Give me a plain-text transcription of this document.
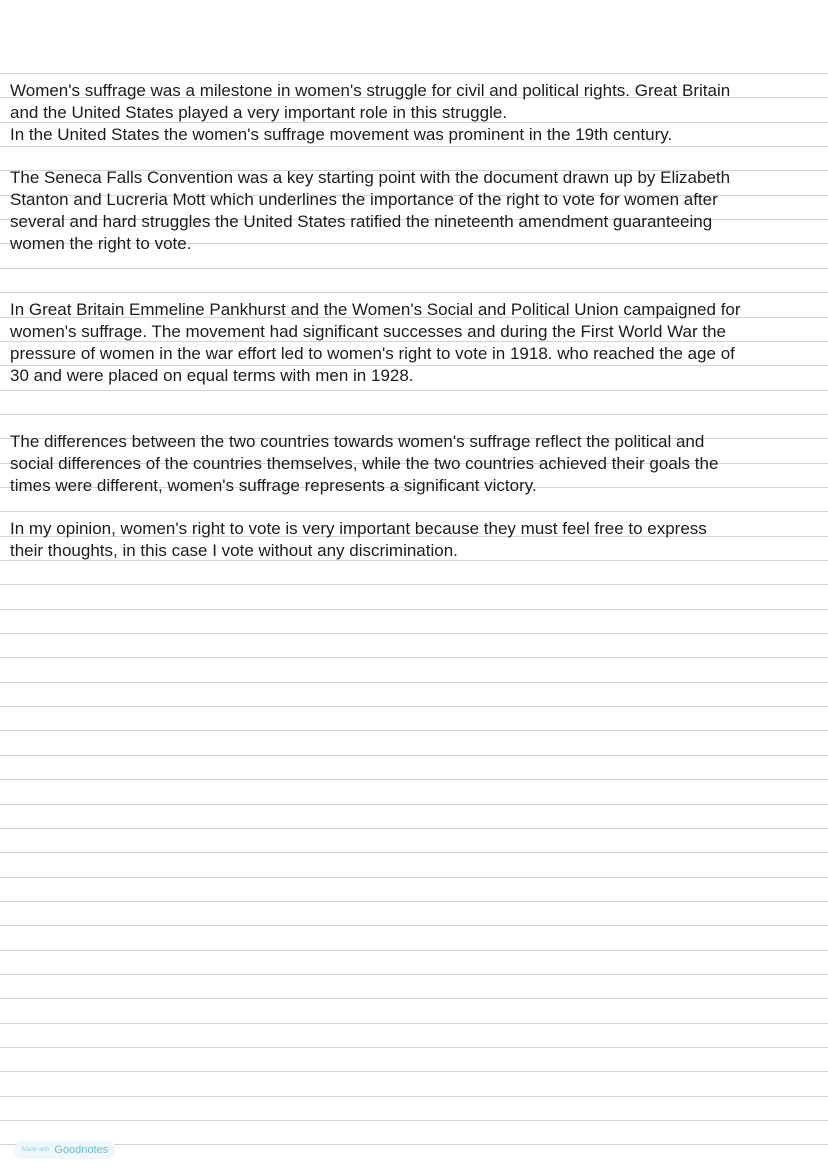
Women's suffrage was a milestone in women's struggle for civil and political rights. Great Britain
and the United States played a very important role in this struggle.
In the United States the women's suffrage movement was prominent in the 19th century.
The Seneca Falls Convention was a key starting point with the document drawn up by Elizabeth
Stanton and Lucreria Mott which underlines the importance of the right to vote for women after
several and hard struggles the United States ratified the nineteenth amendment guaranteeing
women the right to vote.
In Great Britain Emmeline Pankhurst and the Women's Social and Political Union campaigned for
women's suffrage. The movement had significant successes and during the First World War the
pressure of women in the war effort led to women's right to vote in 1918. who reached the age of
30 and were placed on equal terms with men in 1928.
The differences between the two countries towards women's suffrage reflect the political and
social differences of the countries themselves, while the two countries achieved their goals the
times were different, women's suffrage represents a significant victory.
In my opinion, women's right to vote is very important because they must feel free to express
their thoughts, in this case I vote without any discrimination.
Made with Goodnotes
